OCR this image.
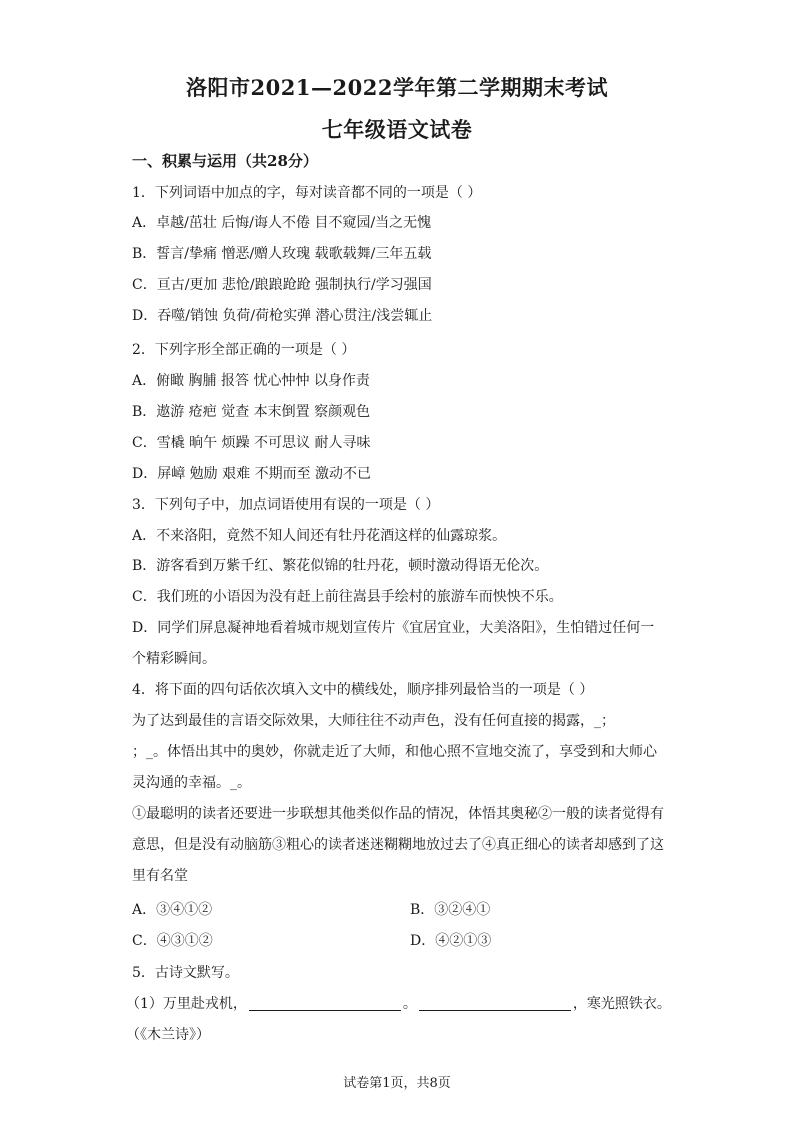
洛阳市2021—2022学年第二学期期末考试
七年级语文试卷
一、积累与运用（共28分）
1．下列词语中加点的字，每对读音都不同的一项是（ ）
A．卓越/茁壮 后悔/诲人不倦 目不窥园/当之无愧
B．誓言/挚痛 憎恶/赠人玫瑰 载歌载舞/三年五载
C．亘古/更加 悲怆/踉踉跄跄 强制执行/学习强国
D．吞噬/销蚀 负荷/荷枪实弹 潜心贯注/浅尝辄止
2．下列字形全部正确的一项是（ ）
A．俯瞰 胸脯 报答 忧心忡忡 以身作责
B．遨游 疮疤 觉查 本末倒置 察颜观色
C．雪橇 晌午 烦躁 不可思议 耐人寻味
D．屏嶂 勉励 艰难 不期而至 激动不已
3．下列句子中，加点词语使用有误的一项是（ ）
A．不来洛阳，竟然不知人间还有牡丹花酒这样的仙露琼浆。
B．游客看到万紫千红、繁花似锦的牡丹花，顿时激动得语无伦次。
C．我们班的小语因为没有赶上前往嵩县手绘村的旅游车而怏怏不乐。
D．同学们屏息凝神地看着城市规划宣传片《宜居宜业，大美洛阳》，生怕错过任何一
个精彩瞬间。
4．将下面的四句话依次填入文中的横线处，顺序排列最恰当的一项是（ ）
为了达到最佳的言语交际效果，大师往往不动声色，没有任何直接的揭露，_；
；_。体悟出其中的奥妙，你就走近了大师，和他心照不宣地交流了，享受到和大师心
灵沟通的幸福。_。
①最聪明的读者还要进一步联想其他类似作品的情况，体悟其奥秘②一般的读者觉得有
意思，但是没有动脑筋③粗心的读者迷迷糊糊地放过去了④真正细心的读者却感到了这
里有名堂
A．③④①②	B．③②④①
C．④③①②	D．④②①③
5．古诗文默写。
（1）万里赴戎机，	。	，寒光照铁衣。
（《木兰诗》）
试卷第1页，共8页
